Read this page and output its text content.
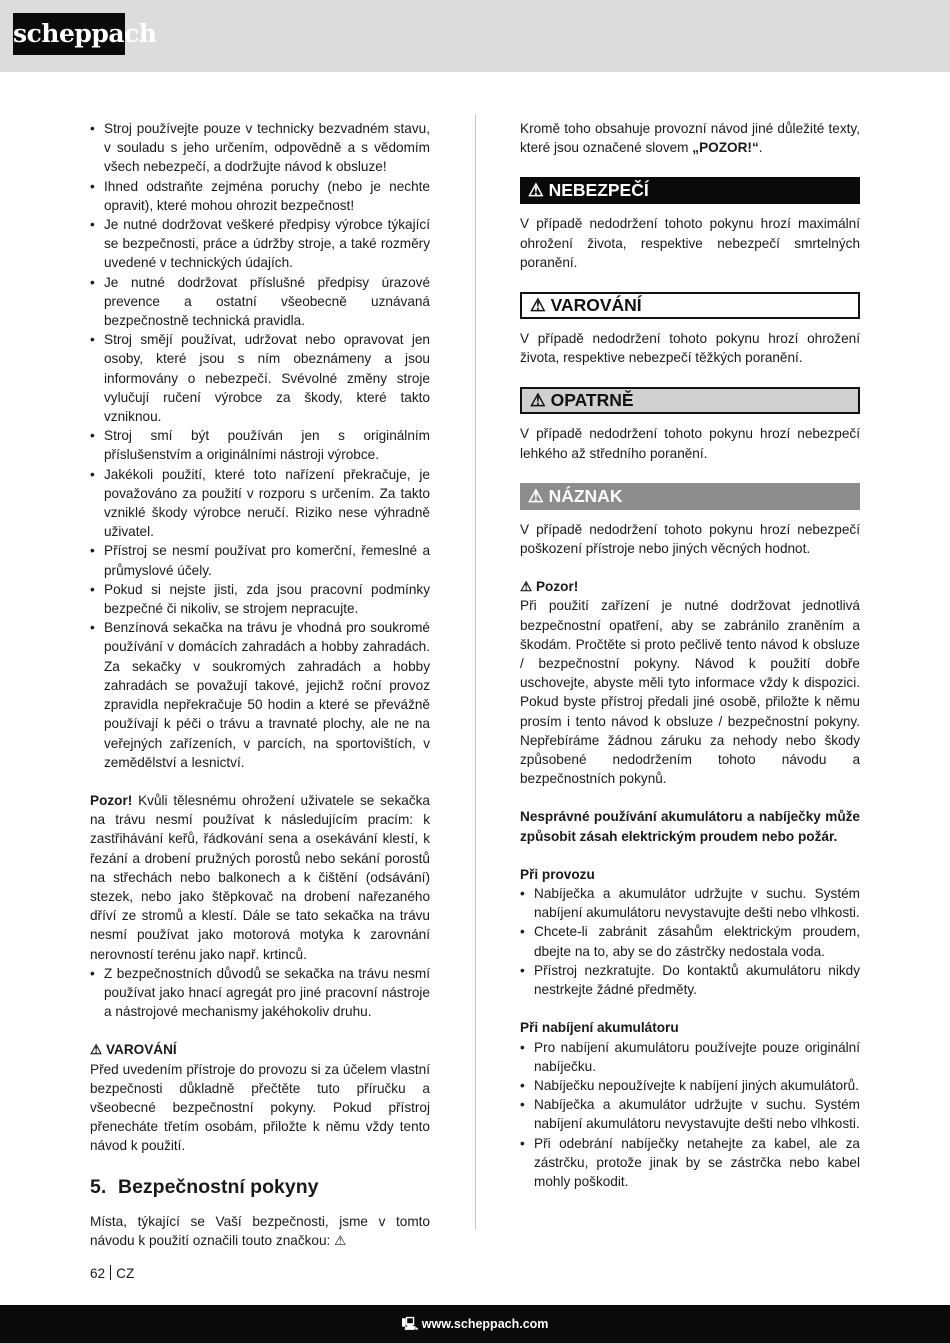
scheppach
• Stroj používejte pouze v technicky bezvadném stavu, v souladu s jeho určením, odpovědně a s vědomím všech nebezpečí, a dodržujte návod k obsluze!
• Ihned odstraňte zejména poruchy (nebo je nechte opravit), které mohou ohrozit bezpečnost!
• Je nutné dodržovat veškeré předpisy výrobce týkající se bezpečnosti, práce a údržby stroje, a také rozměry uvedené v technických údajích.
• Je nutné dodržovat příslušné předpisy úrazové prevence a ostatní všeobecně uznávaná bezpečnostně technická pravidla.
• Stroj smějí používat, udržovat nebo opravovat jen osoby, které jsou s ním obeznámeny a jsou informovány o nebezpečí. Svévolné změny stroje vylučují ručení výrobce za škody, které takto vzniknou.
• Stroj smí být používán jen s originálním příslušenstvím a originálními nástroji výrobce.
• Jakékoli použití, které toto nařízení překračuje, je považováno za použití v rozporu s určením. Za takto vzniklé škody výrobce neručí. Riziko nese výhradně uživatel.
• Přístroj se nesmí používat pro komerční, řemeslné a průmyslové účely.
• Pokud si nejste jisti, zda jsou pracovní podmínky bezpečné či nikoliv, se strojem nepracujte.
• Benzínová sekačka na trávu je vhodná pro soukromé používání v domácích zahradách a hobby zahradách. Za sekačky v soukromých zahradách a hobby zahradách se považují takové, jejichž roční provoz zpravidla nepřekračuje 50 hodin a které se převážně používají k péči o trávu a travnaté plochy, ale ne na veřejných zařízeních, v parcích, na sportovištích, v zemědělství a lesnictví.

Pozor! Kvůli tělesnému ohrožení uživatele se sekačka na trávu nesmí používat k následujícím pracím: k zastřihávání keřů, řádkování sena a osekávání klestí, k řezání a drobení pružných porostů nebo sekání porostů na střechách nebo balkonech a k čištění (odsávání) stezek, nebo jako štěpkovač na drobení nařezaného dříví ze stromů a klestí. Dále se tato sekačka na trávu nesmí používat jako motorová motyka k zarovnání nerovností terénu jako např. krtinců.

• Z bezpečnostních důvodů se sekačka na trávu nesmí používat jako hnací agregát pro jiné pracovní nástroje a nástrojové mechanismy jakéhokoliv druhu.

⚠ VAROVÁNÍ

Před uvedením přístroje do provozu si za účelem vlastní bezpečnosti důkladně přečtěte tuto příručku a všeobecné bezpečnostní pokyny. Pokud přístroj přenecháte třetím osobám, přiložte k němu vždy tento návod k použití.

5. Bezpečnostní pokyny

Místa, týkající se Vaší bezpečnosti, jsme v tomto návodu k použití označili touto značkou: ⚠

Kromě toho obsahuje provozní návod jiné důležité texty, které jsou označené slovem „POZOR!“.

⚠ NEBEZPEČÍ

V případě nedodržení tohoto pokynu hrozí maximální ohrožení života, respektive nebezpečí smrtelných poranění.

⚠ VAROVÁNÍ

V případě nedodržení tohoto pokynu hrozí ohrožení života, respektive nebezpečí těžkých poranění.

⚠ OPATRNĚ

V případě nedodržení tohoto pokynu hrozí nebezpečí lehkého až středního poranění.

⚠ NÁZNAK

V případě nedodržení tohoto pokynu hrozí nebezpečí poškození přístroje nebo jiných věcných hodnot.

⚠ Pozor!

Při použití zařízení je nutné dodržovat jednotlivá bezpečnostní opatření, aby se zabránilo zraněním a škodám. Pročtěte si proto pečlivě tento návod k obsluze / bezpečnostní pokyny. Návod k použití dobře uschovejte, abyste měli tyto informace vždy k dispozici. Pokud byste přístroj předali jiné osobě, přiložte k němu prosím i tento návod k obsluze / bezpečnostní pokyny. Nepřebíráme žádnou záruku za nehody nebo škody způsobené nedodržením tohoto návodu a bezpečnostních pokynů.

Nesprávné používání akumulátoru a nabíječky může způsobit zásah elektrickým proudem nebo požár.

Při provozu

• Nabíječka a akumulátor udržujte v suchu. Systém nabíjení akumulátoru nevystavujte dešti nebo vlhkosti.
• Chcete-li zabránit zásahům elektrickým proudem, dbejte na to, aby se do zástrčky nedostala voda.
• Přístroj nezkratujte. Do kontaktů akumulátoru nikdy nestrkejte žádné předměty.

Při nabíjení akumulátoru

• Pro nabíjení akumulátoru používejte pouze originální nabíječku.
• Nabíječku nepoužívejte k nabíjení jiných akumulátorů.
• Nabíječka a akumulátor udržujte v suchu. Systém nabíjení akumulátoru nevystavujte dešti nebo vlhkosti.
• Při odebrání nabíječky netahejte za kabel, ale za zástrčku, protože jinak by se zástrčka nebo kabel mohly poškodit.
62 CZ
🖳 www.scheppach.com
